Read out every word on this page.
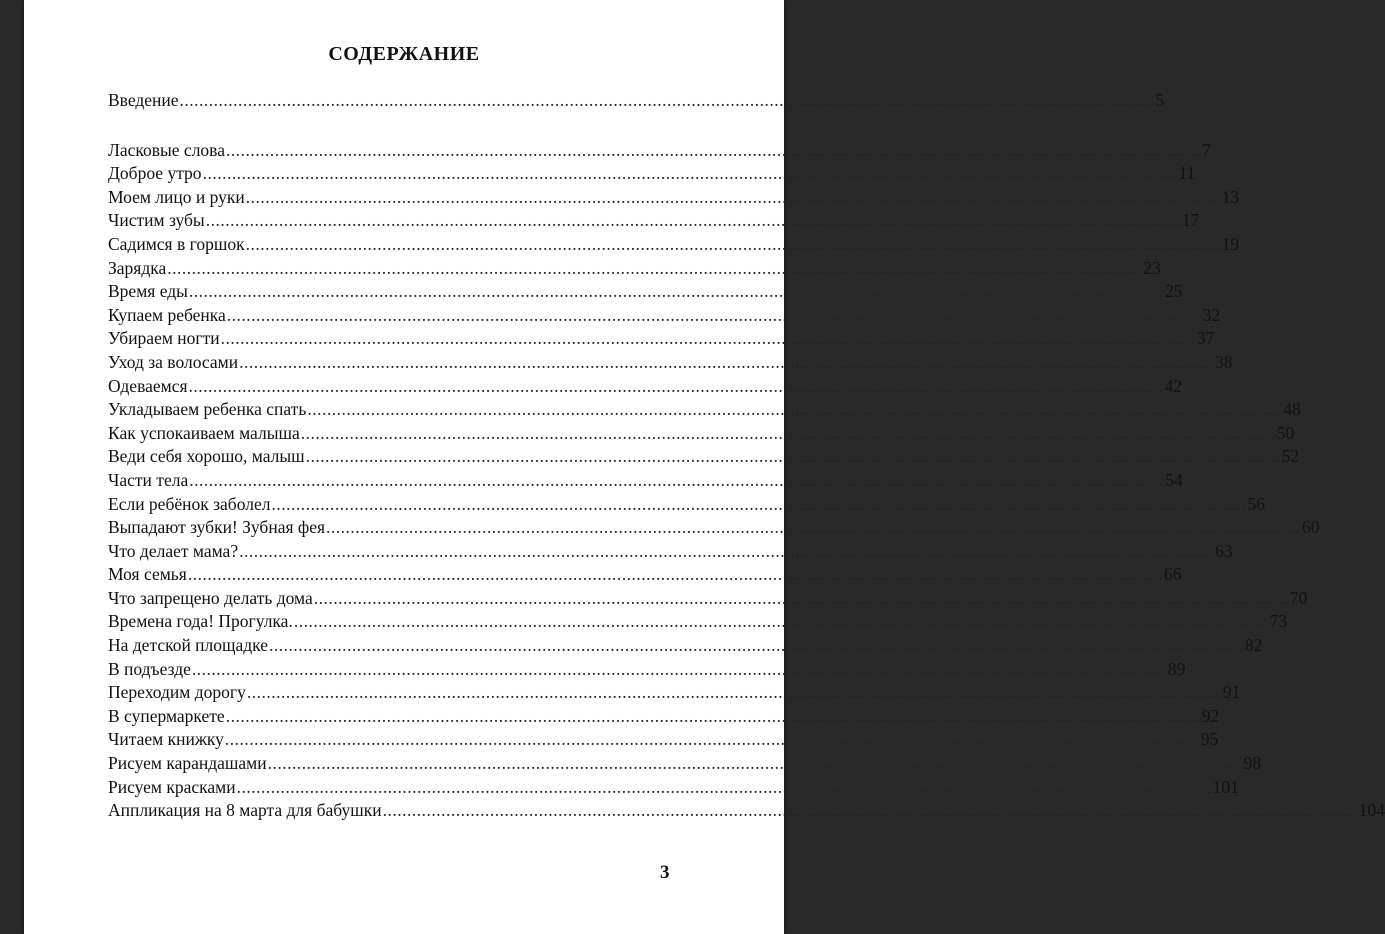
СОДЕРЖАНИЕ
Введение ........................................................................................................................................................................................................ 5
Ласковые слова ........................................................................................................................................................................................................ 7
Доброе утро ........................................................................................................................................................................................................ 11
Моем лицо и руки ........................................................................................................................................................................................................ 13
Чистим зубы ........................................................................................................................................................................................................ 17
Садимся в горшок ........................................................................................................................................................................................................ 19
Зарядка ........................................................................................................................................................................................................ 23
Время еды ........................................................................................................................................................................................................ 25
Купаем ребенка ........................................................................................................................................................................................................ 32
Убираем ногти ........................................................................................................................................................................................................ 37
Уход за волосами ........................................................................................................................................................................................................ 38
Одеваемся ........................................................................................................................................................................................................ 42
Укладываем ребенка спать ........................................................................................................................................................................................................ 48
Как успокаиваем малыша ........................................................................................................................................................................................................ 50
Веди себя хорошо, малыш ........................................................................................................................................................................................................ 52
Части тела ........................................................................................................................................................................................................ 54
Если ребёнок заболел ........................................................................................................................................................................................................ 56
Выпадают зубки! Зубная фея ........................................................................................................................................................................................................ 60
Что делает мама? ........................................................................................................................................................................................................ 63
Моя семья ........................................................................................................................................................................................................ 66
Что запрещено делать дома ........................................................................................................................................................................................................ 70
Времена года! Прогулка. ........................................................................................................................................................................................................ 73
На детской площадке ........................................................................................................................................................................................................ 82
В подъезде ........................................................................................................................................................................................................ 89
Переходим дорогу ........................................................................................................................................................................................................ 91
В супермаркете ........................................................................................................................................................................................................ 92
Читаем книжку ........................................................................................................................................................................................................ 95
Рисуем карандашами ........................................................................................................................................................................................................ 98
Рисуем красками ........................................................................................................................................................................................................ 101
Аппликация на 8 марта для бабушки ........................................................................................................................................................................................................ 104
3
